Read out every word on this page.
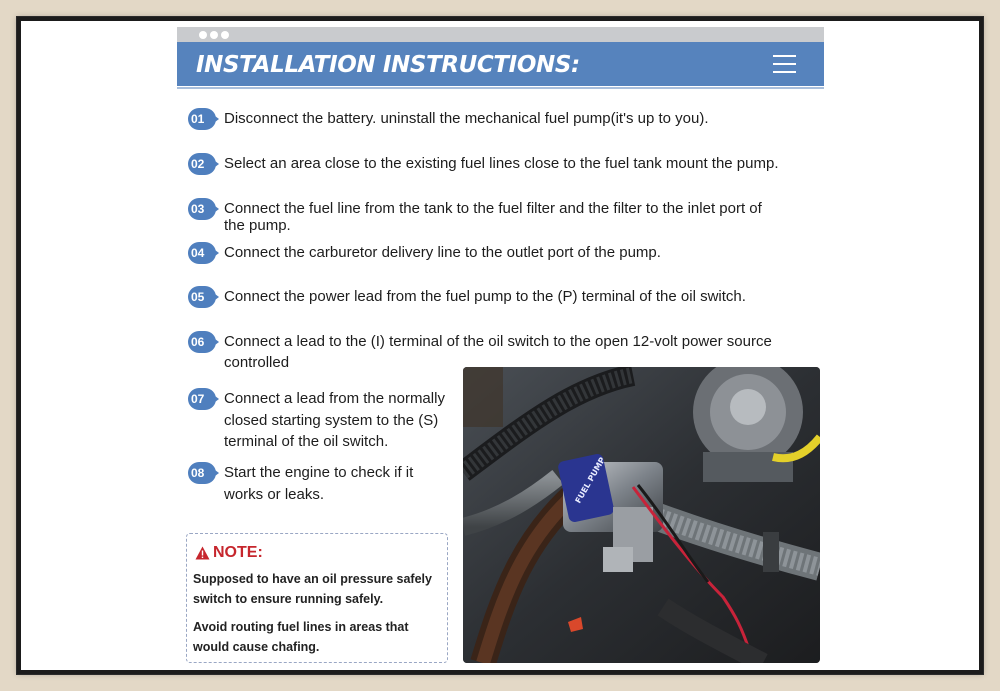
INSTALLATION INSTRUCTIONS:
01	Disconnect the battery. uninstall the mechanical fuel pump(it's up to you).
02	Select an area close to the existing fuel lines close to the fuel tank mount the pump.
03	Connect the fuel line from the tank to the fuel filter and the filter to the inlet port of the pump.
04	Connect the carburetor delivery line to the outlet port of the pump.
05	Connect the power lead from the fuel pump to the (P) terminal of the oil switch.
06	Connect a lead to the (I) terminal of the oil switch to the open 12-volt power source controlled
07	Connect a lead from the normally closed starting system to the (S) terminal of the oil switch.
08	Start the engine to check if it works or leaks.
NOTE:
Supposed to have an oil pressure safely switch to ensure running safely.
Avoid routing fuel lines in areas that would cause chafing.
FUEL PUMP
